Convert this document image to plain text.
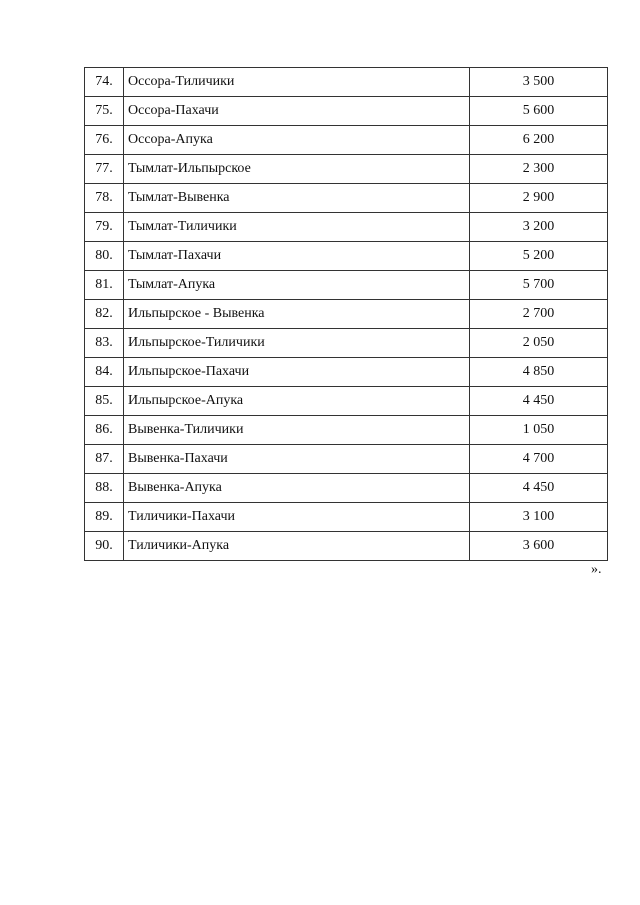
74.	Оссора-Тиличики	3 500
75.	Оссора-Пахачи	5 600
76.	Оссора-Апука	6 200
77.	Тымлат-Ильпырское	2 300
78.	Тымлат-Вывенка	2 900
79.	Тымлат-Тиличики	3 200
80.	Тымлат-Пахачи	5 200
81.	Тымлат-Апука	5 700
82.	Ильпырское - Вывенка	2 700
83.	Ильпырское-Тиличики	2 050
84.	Ильпырское-Пахачи	4 850
85.	Ильпырское-Апука	4 450
86.	Вывенка-Тиличики	1 050
87.	Вывенка-Пахачи	4 700
88.	Вывенка-Апука	4 450
89.	Тиличики-Пахачи	3 100
90.	Тиличики-Апука	3 600
».
